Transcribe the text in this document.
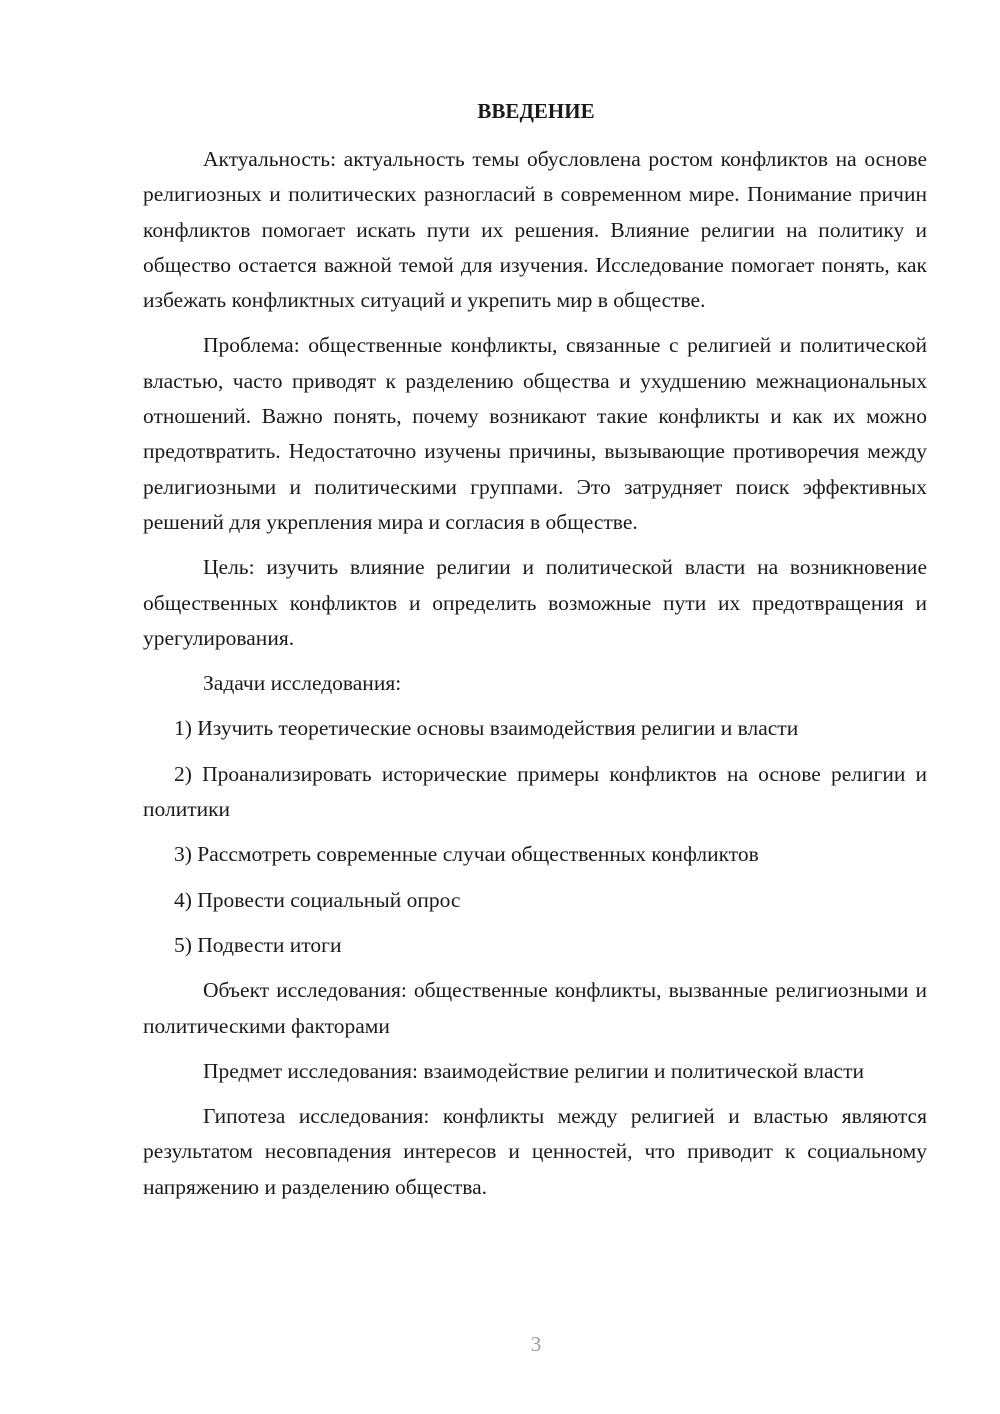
ВВЕДЕНИЕ

Актуальность: актуальность темы обусловлена ростом конфликтов на основе религиозных и политических разногласий в современном мире. Понимание причин конфликтов помогает искать пути их решения. Влияние религии на политику и общество остается важной темой для изучения. Исследование помогает понять, как избежать конфликтных ситуаций и укрепить мир в обществе.

Проблема: общественные конфликты, связанные с религией и политической властью, часто приводят к разделению общества и ухудшению межнациональных отношений. Важно понять, почему возникают такие конфликты и как их можно предотвратить. Недостаточно изучены причины, вызывающие противоречия между религиозными и политическими группами. Это затрудняет поиск эффективных решений для укрепления мира и согласия в обществе.

Цель: изучить влияние религии и политической власти на возникновение общественных конфликтов и определить возможные пути их предотвращения и урегулирования.

Задачи исследования:

1) Изучить теоретические основы взаимодействия религии и власти

2) Проанализировать исторические примеры конфликтов на основе религии и политики

3) Рассмотреть современные случаи общественных конфликтов

4) Провести социальный опрос

5) Подвести итоги

Объект исследования: общественные конфликты, вызванные религиозными и политическими факторами

Предмет исследования: взаимодействие религии и политической власти

Гипотеза исследования: конфликты между религией и властью являются результатом несовпадения интересов и ценностей, что приводит к социальному напряжению и разделению общества.

3
